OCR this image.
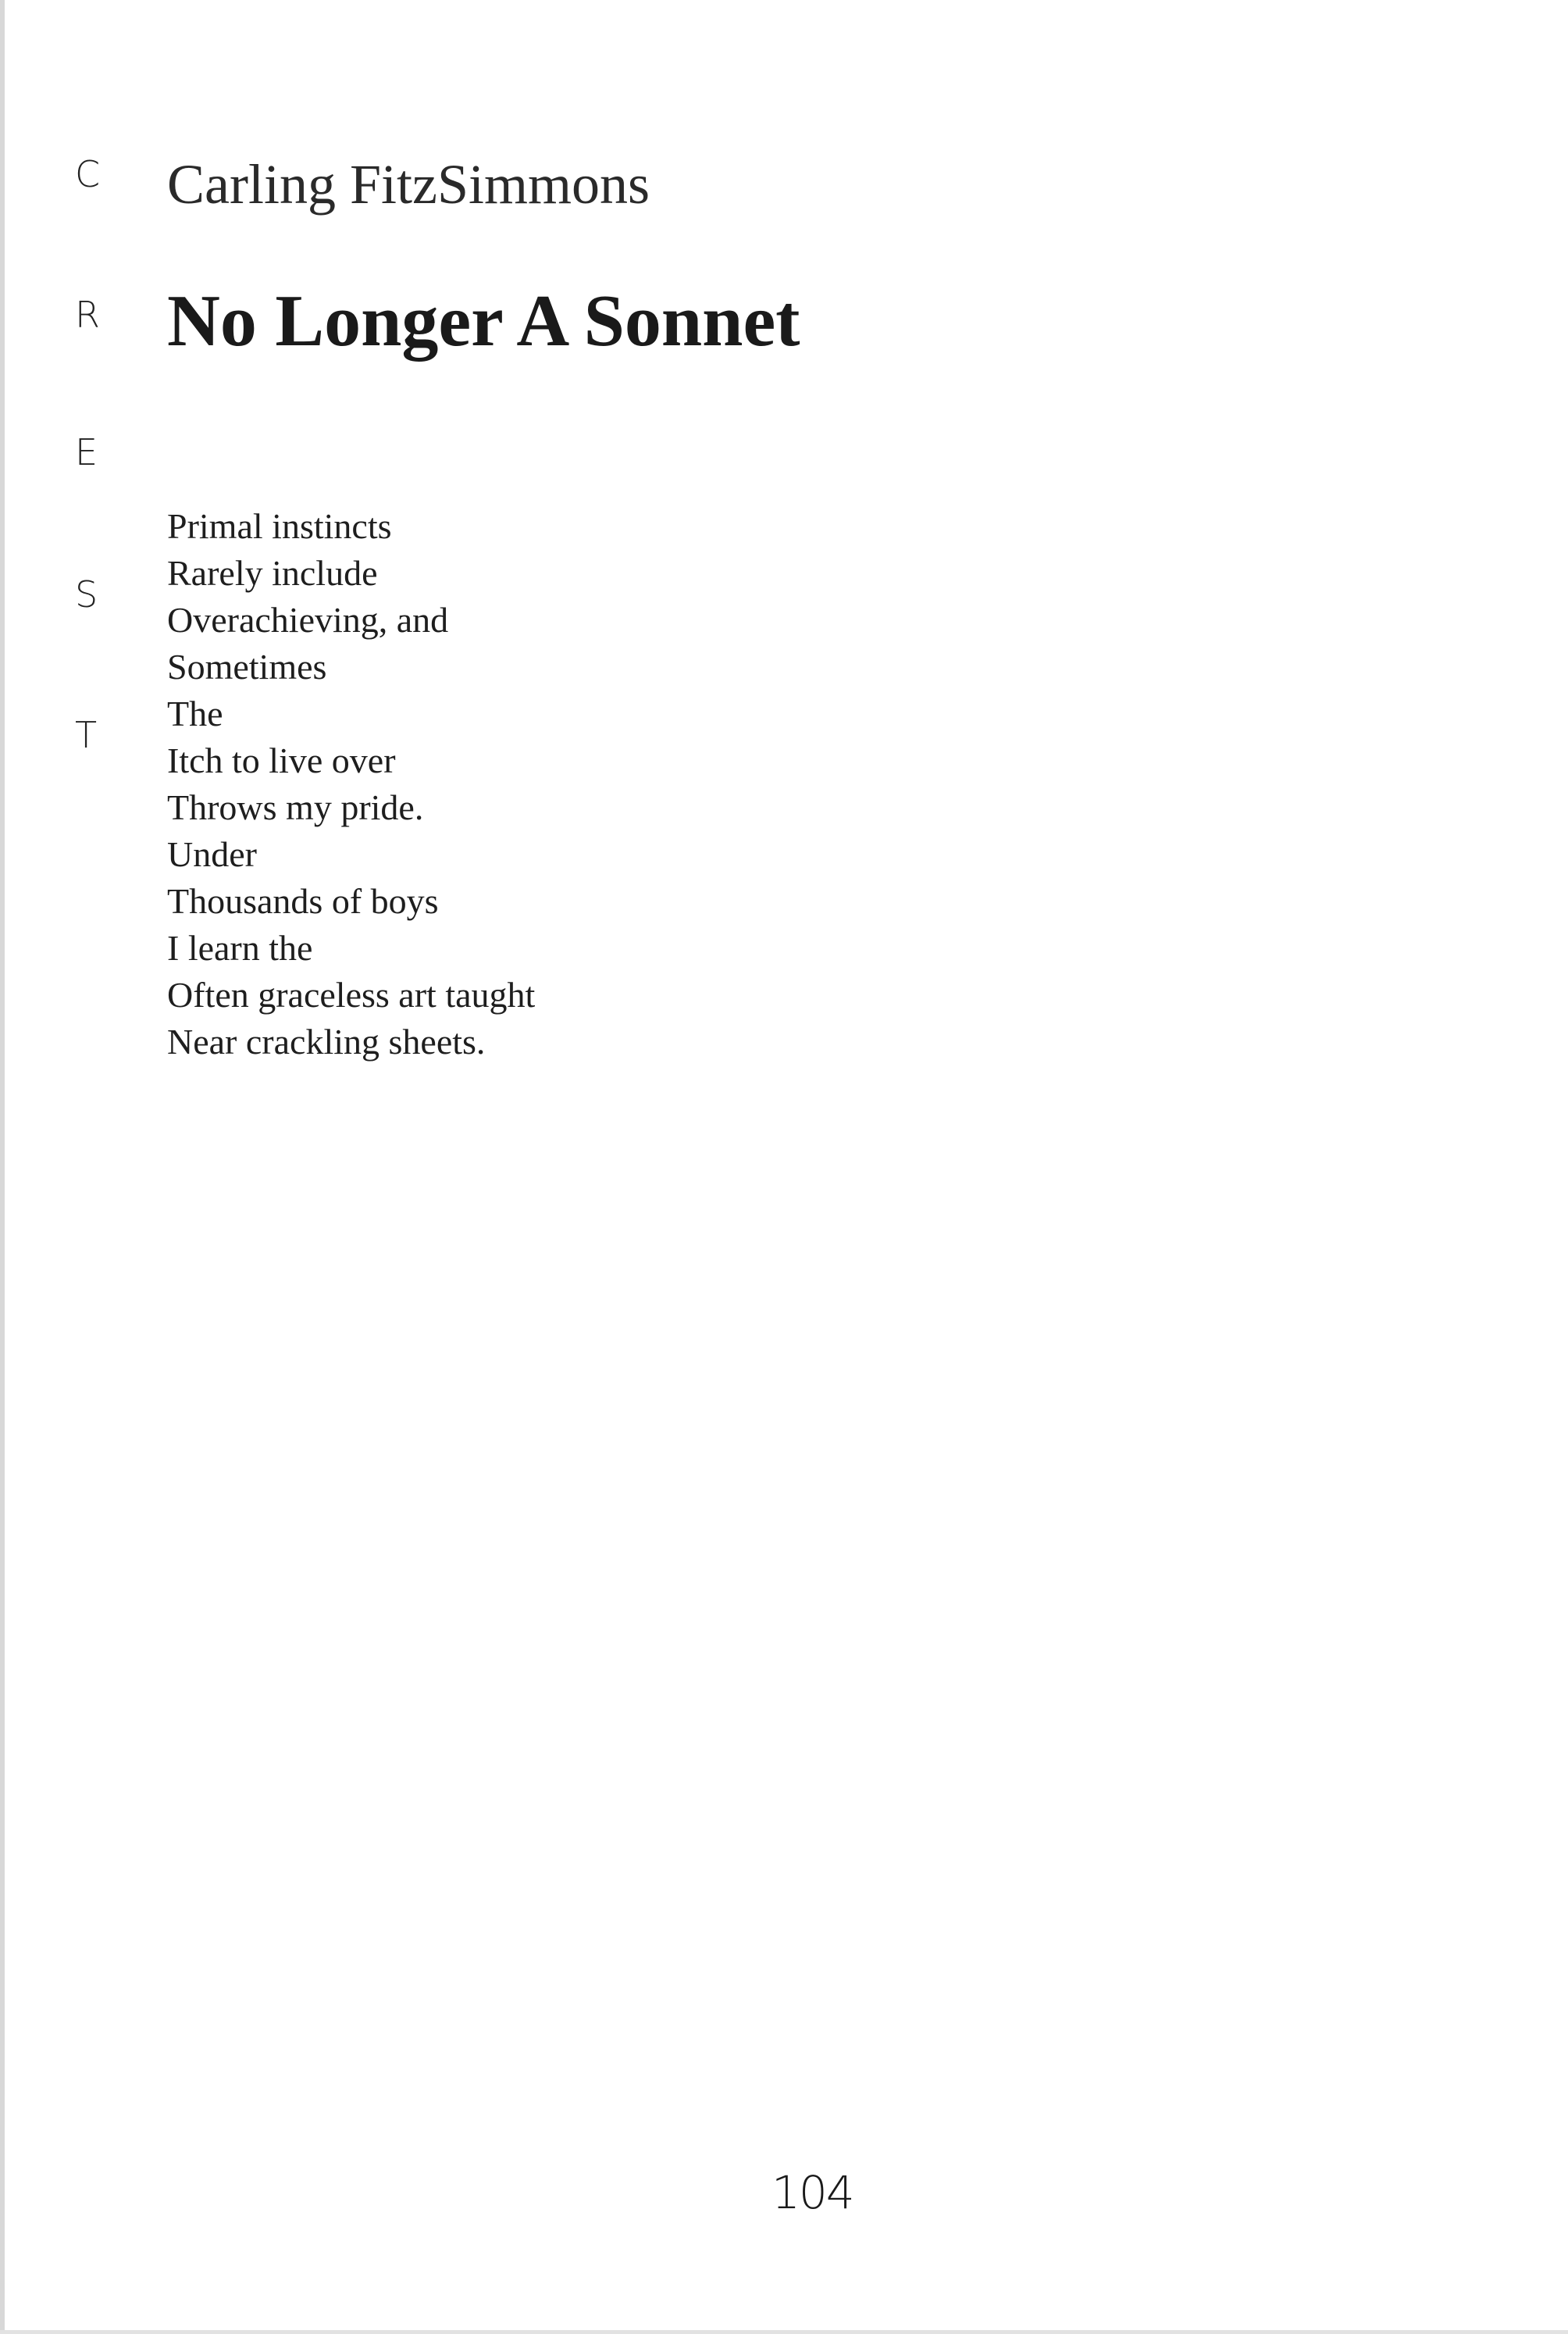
C
R
E
S
T
Carling FitzSimmons
No Longer A Sonnet
Primal instincts
Rarely include
Overachieving, and
Sometimes
The
Itch to live over
Throws my pride.
Under
Thousands of boys
I learn the
Often graceless art taught
Near crackling sheets.
104
